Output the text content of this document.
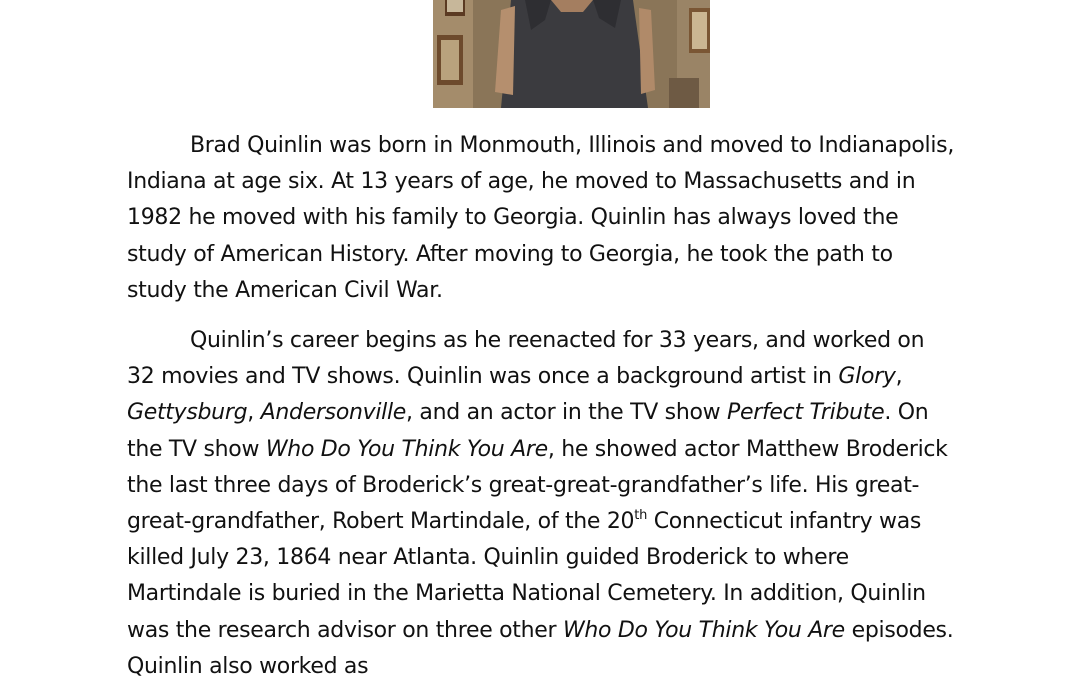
Brad Quinlin was born in Monmouth, Illinois and moved to Indianapolis, Indiana at age six. At 13 years of age, he moved to Massachusetts and in 1982 he moved with his family to Georgia. Quinlin has always loved the study of American History. After moving to Georgia, he took the path to study the American Civil War.

Quinlin’s career begins as he reenacted for 33 years, and worked on 32 movies and TV shows. Quinlin was once a background artist in Glory, Gettysburg, Andersonville, and an actor in the TV show Perfect Tribute. On the TV show Who Do You Think You Are, he showed actor Matthew Broderick the last three days of Broderick’s great-great-grandfather’s life. His great-great-grandfather, Robert Martindale, of the 20th Connecticut infantry was killed July 23, 1864 near Atlanta. Quinlin guided Broderick to where Martindale is buried in the Marietta National Cemetery. In addition, Quinlin was the research advisor on three other Who Do You Think You Are episodes. Quinlin also worked as
